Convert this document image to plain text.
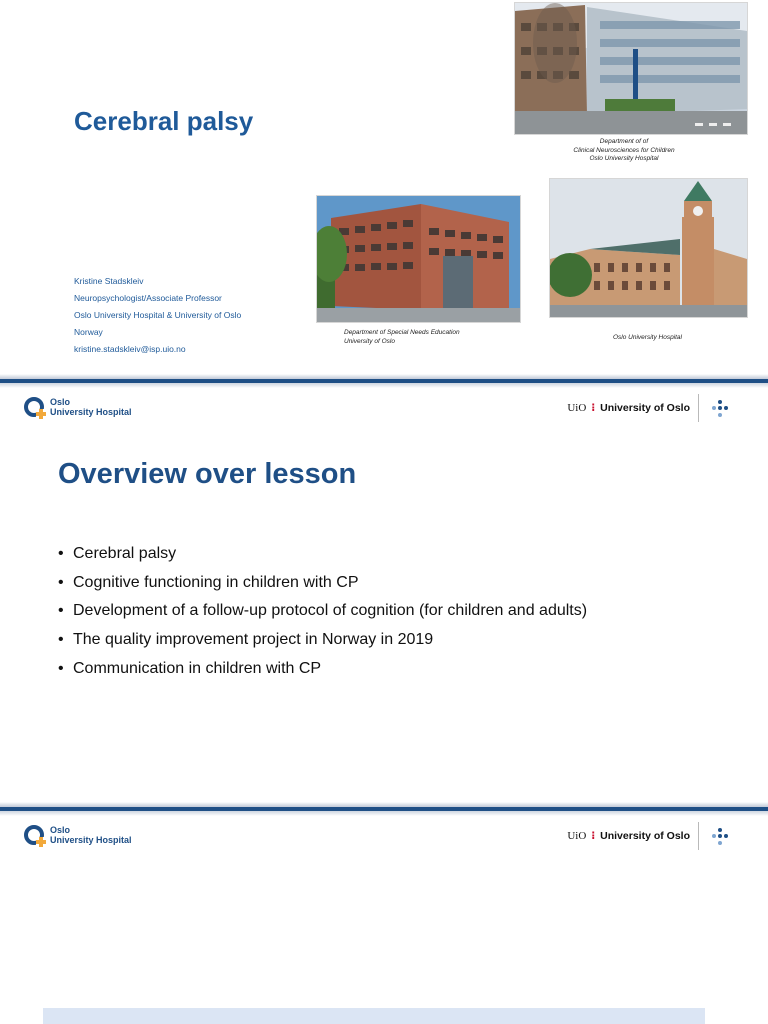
Cerebral palsy
Kristine Stadskleiv
Neuropsychologist/Associate Professor
Oslo University Hospital & University of Oslo
Norway
kristine.stadskleiv@isp.uio.no
Department of of
Clinical Neurosciences for Children
Oslo University Hospital
Department of Special Needs Education
University of Oslo	Oslo University Hospital
Oslo
University Hospital	UiO ⁝ University of Oslo
Overview over lesson
• Cerebral palsy
• Cognitive functioning in children with CP
• Development of a follow-up protocol of cognition (for children and adults)
• The quality improvement project in Norway in 2019
• Communication in children with CP
Oslo
University Hospital	UiO ⁝ University of Oslo
